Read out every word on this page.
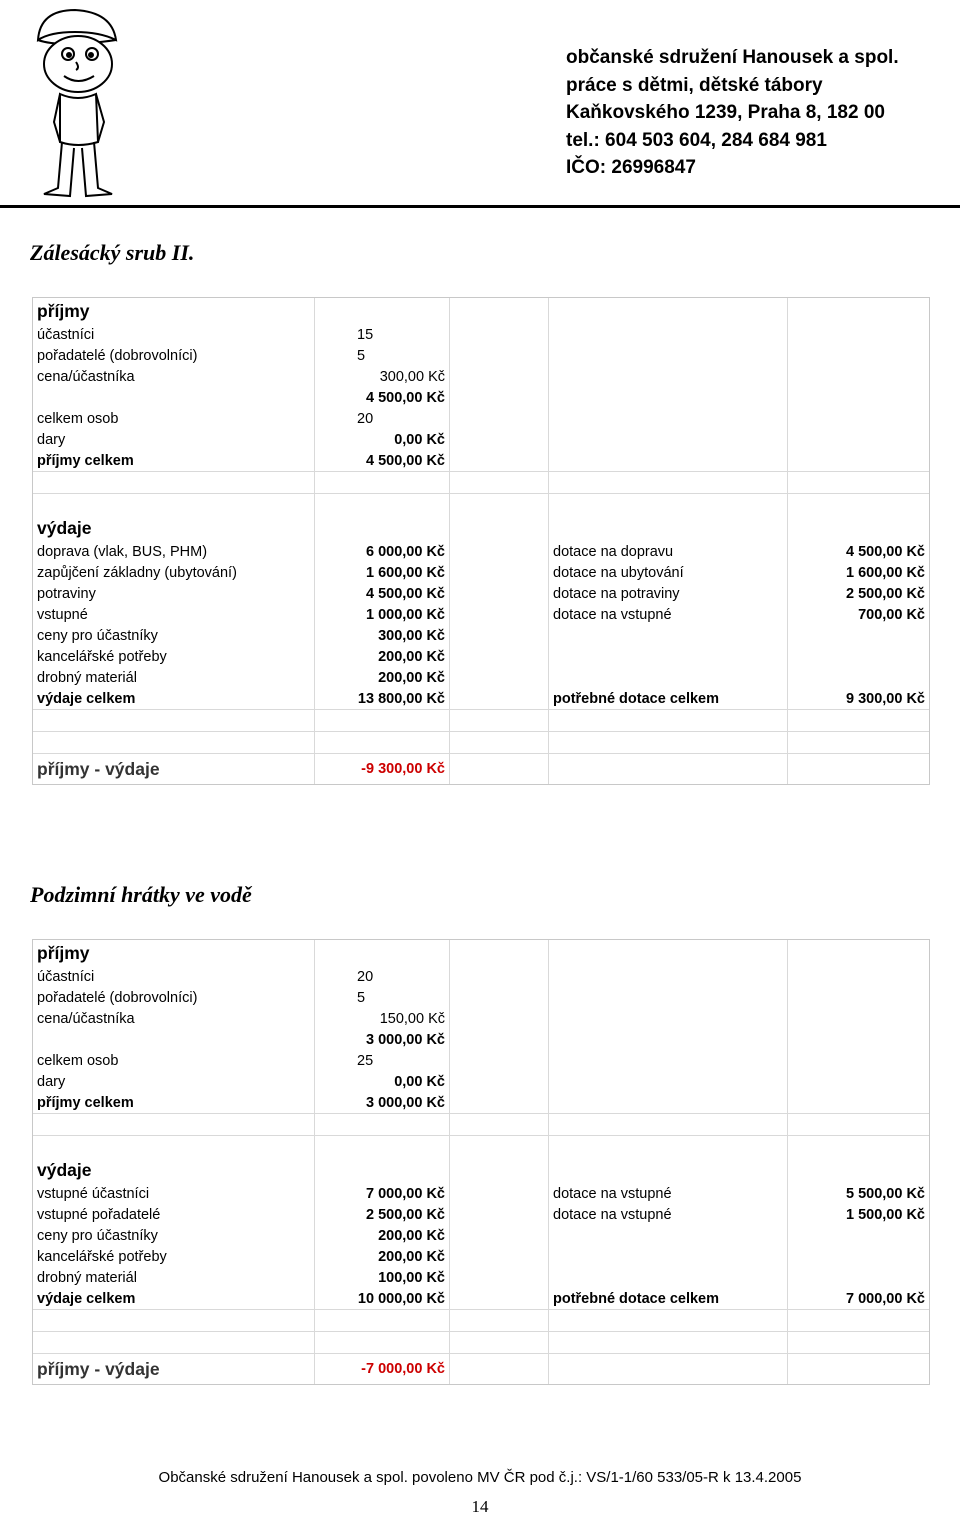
občanské sdružení Hanousek a spol.
práce s dětmi, dětské tábory
Kaňkovského 1239, Praha 8, 182 00
tel.: 604 503 604, 284 684 981
IČO: 26996847
Zálesácký srub II.
příjmy
účastníci	15
pořadatelé (dobrovolníci)	5
cena/účastníka	300,00 Kč
4 500,00 Kč
celkem osob	20
dary	0,00 Kč
příjmy celkem	4 500,00 Kč
výdaje
doprava (vlak, BUS, PHM)	6 000,00 Kč	dotace na dopravu	4 500,00 Kč
zapůjčení základny (ubytování)	1 600,00 Kč	dotace na ubytování	1 600,00 Kč
potraviny	4 500,00 Kč	dotace na potraviny	2 500,00 Kč
vstupné	1 000,00 Kč	dotace na vstupné	700,00 Kč
ceny pro účastníky	300,00 Kč
kancelářské potřeby	200,00 Kč
drobný materiál	200,00 Kč
výdaje celkem	13 800,00 Kč	potřebné dotace celkem	9 300,00 Kč
příjmy - výdaje	-9 300,00 Kč
Podzimní hrátky ve vodě
příjmy
účastníci	20
pořadatelé (dobrovolníci)	5
cena/účastníka	150,00 Kč
3 000,00 Kč
celkem osob	25
dary	0,00 Kč
příjmy celkem	3 000,00 Kč
výdaje
vstupné účastníci	7 000,00 Kč	dotace na vstupné	5 500,00 Kč
vstupné pořadatelé	2 500,00 Kč	dotace na vstupné	1 500,00 Kč
ceny pro účastníky	200,00 Kč
kancelářské potřeby	200,00 Kč
drobný materiál	100,00 Kč
výdaje celkem	10 000,00 Kč	potřebné dotace celkem	7 000,00 Kč
příjmy - výdaje	-7 000,00 Kč
Občanské sdružení Hanousek a spol. povoleno MV ČR pod č.j.: VS/1-1/60 533/05-R k 13.4.2005
14
